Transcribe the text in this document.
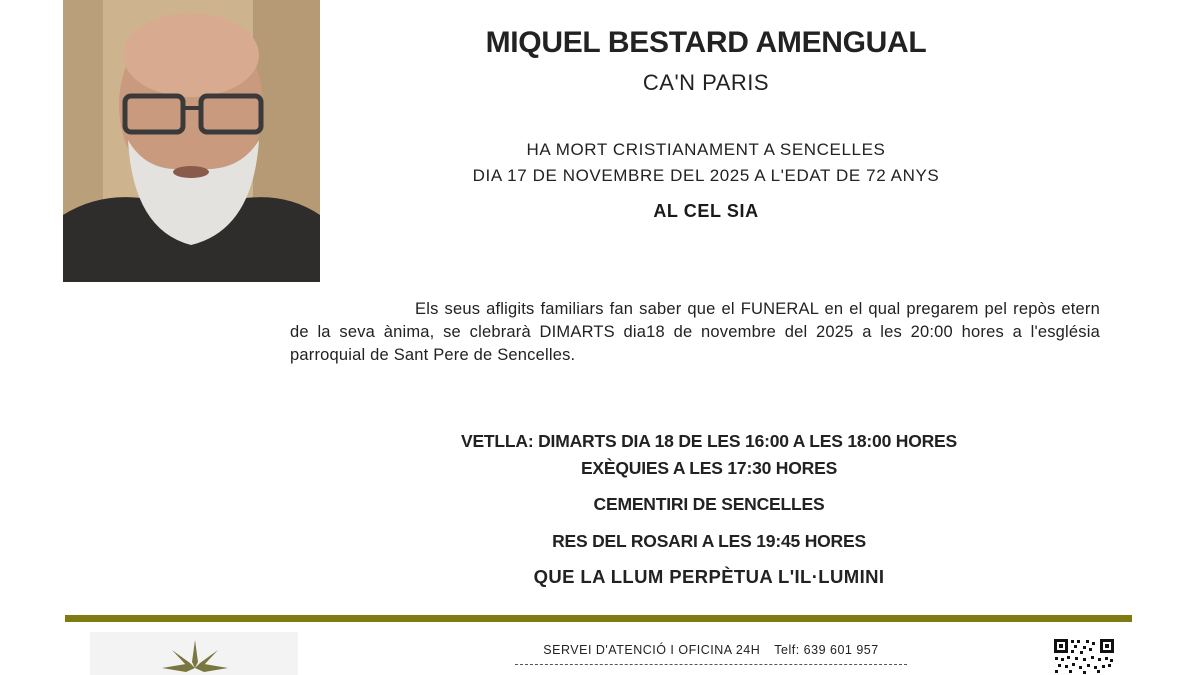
MIQUEL BESTARD AMENGUAL
CA'N PARIS
HA MORT CRISTIANAMENT A SENCELLES
DIA 17 DE NOVEMBRE DEL 2025 A L'EDAT DE 72 ANYS
AL CEL SIA

Els seus afligits familiars fan saber que el FUNERAL en el qual pregarem pel repòs etern de la seva ànima, se clebrarà DIMARTS dia18 de novembre del 2025 a les 20:00 hores a l'església parroquial de Sant Pere de Sencelles.

VETLLA: DIMARTS DIA 18 DE LES 16:00 A LES 18:00 HORES
EXÈQUIES A LES 17:30 HORES
CEMENTIRI DE SENCELLES
RES DEL ROSARI A LES 19:45 HORES
QUE LA LLUM PERPÈTUA L'IL·LUMINI
SERVEI D'ATENCIÓ I OFICINA 24H Telf: 639 601 957
